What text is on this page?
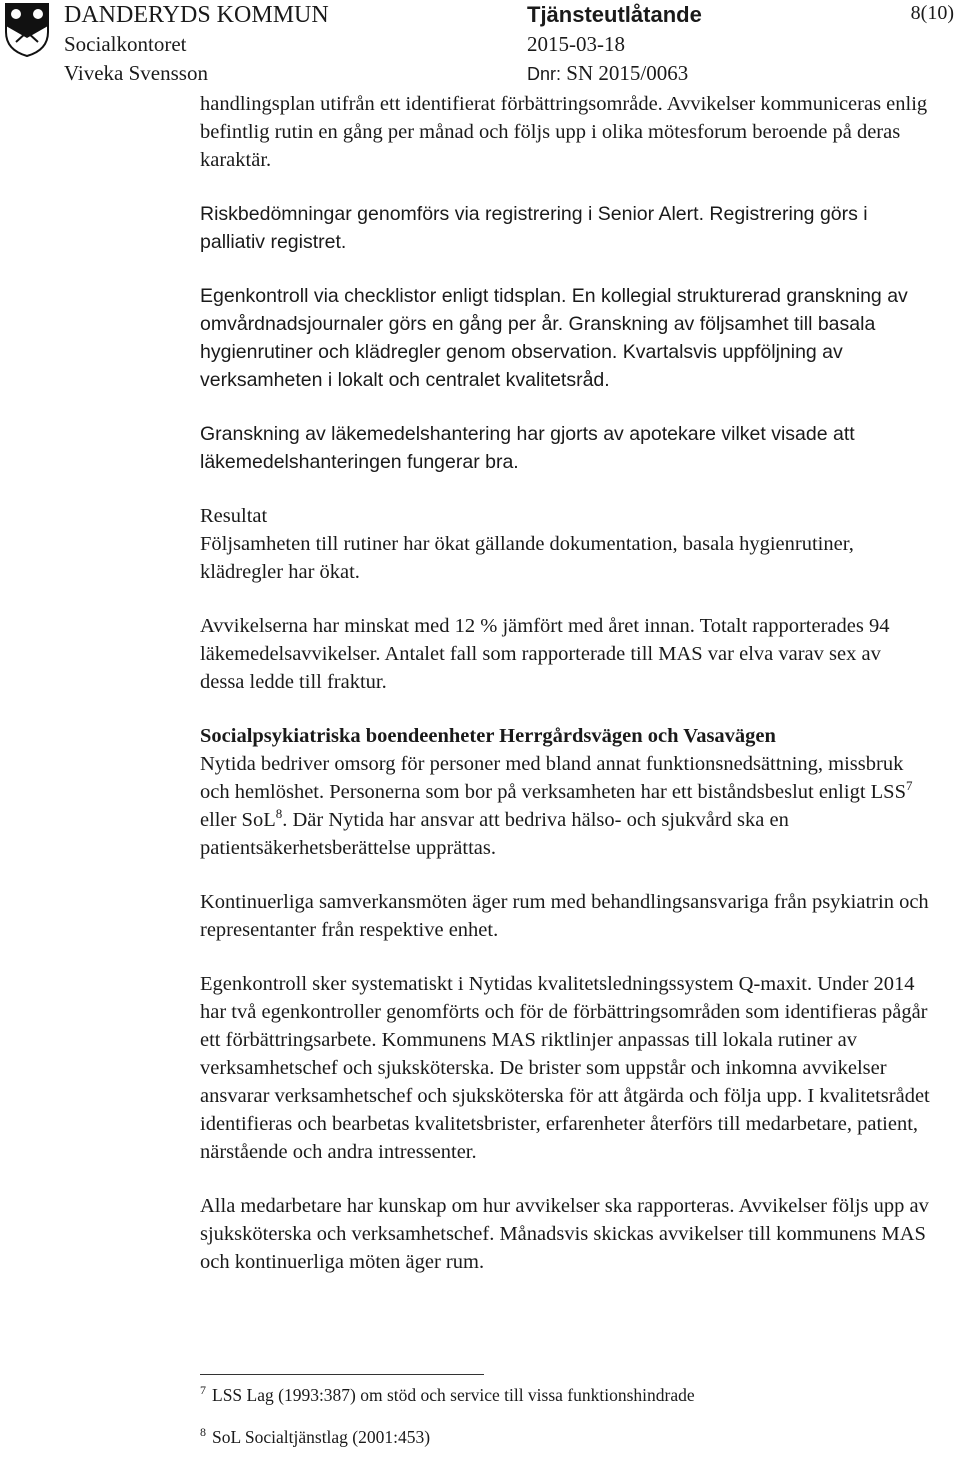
DANDERYDS KOMMUN
Socialkontoret
Viveka Svensson
Tjänsteutlåtande
2015-03-18
Dnr: SN 2015/0063
8(10)

handlingsplan utifrån ett identifierat förbättringsområde. Avvikelser kommuniceras enlig befintlig rutin en gång per månad och följs upp i olika mötesforum beroende på deras karaktär.

Riskbedömningar genomförs via registrering i Senior Alert. Registrering görs i palliativ registret.

Egenkontroll via checklistor enligt tidsplan. En kollegial strukturerad granskning av omvårdnadsjournaler görs en gång per år. Granskning av följsamhet till basala hygienrutiner och klädregler genom observation. Kvartalsvis uppföljning av verksamheten i lokalt och centralet kvalitetsråd.

Granskning av läkemedelshantering har gjorts av apotekare vilket visade att läkemedelshanteringen fungerar bra.

Resultat
Följsamheten till rutiner har ökat gällande dokumentation, basala hygienrutiner, klädregler har ökat.

Avvikelserna har minskat med 12 % jämfört med året innan. Totalt rapporterades 94 läkemedelsavvikelser. Antalet fall som rapporterade till MAS var elva varav sex av dessa ledde till fraktur.

Socialpsykiatriska boendeenheter Herrgårdsvägen och Vasavägen
Nytida bedriver omsorg för personer med bland annat funktionsnedsättning, missbruk och hemlöshet. Personerna som bor på verksamheten har ett biståndsbeslut enligt LSS$^7$ eller SoL$^8$. Där Nytida har ansvar att bedriva hälso- och sjukvård ska en patientsäkerhetsberättelse upprättas.

Kontinuerliga samverkansmöten äger rum med behandlingsansvariga från psykiatrin och representanter från respektive enhet.

Egenkontroll sker systematiskt i Nytidas kvalitetsledningssystem Q-maxit. Under 2014 har två egenkontroller genomförts och för de förbättringsområden som identifieras pågår ett förbättringsarbete. Kommunens MAS riktlinjer anpassas till lokala rutiner av verksamhetschef och sjuksköterska. De brister som uppstår och inkomna avvikelser ansvarar verksamhetschef och sjuksköterska för att åtgärda och följa upp. I kvalitetsrådet identifieras och bearbetas kvalitetsbrister, erfarenheter återförs till medarbetare, patient, närstående och andra intressenter.

Alla medarbetare har kunskap om hur avvikelser ska rapporteras. Avvikelser följs upp av sjuksköterska och verksamhetschef. Månadsvis skickas avvikelser till kommunens MAS och kontinuerliga möten äger rum.

$^7$ LSS Lag (1993:387) om stöd och service till vissa funktionshindrade
$^8$ SoL Socialtjänstlag (2001:453)
